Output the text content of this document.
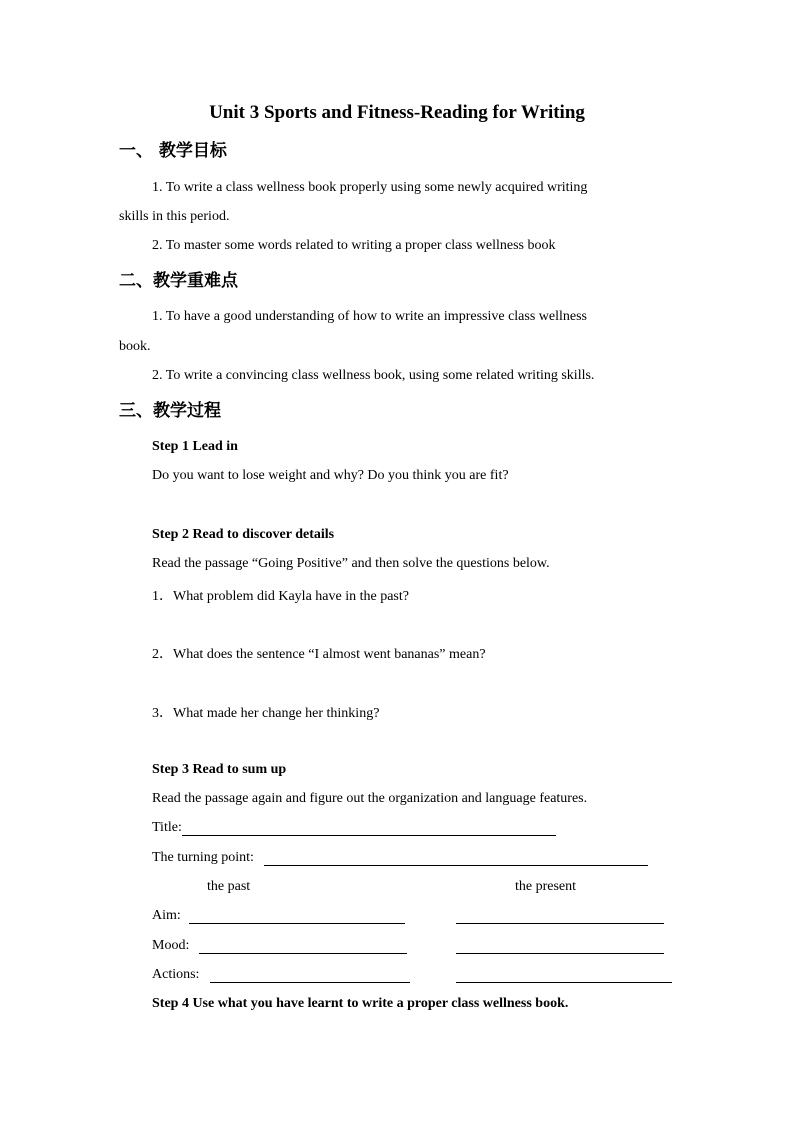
Unit 3 Sports and Fitness-Reading for Writing
一、 教学目标
1. To write a class wellness book properly using some newly acquired writing
skills in this period.
2. To master some words related to writing a proper class wellness book
二、教学重难点
1. To have a good understanding of how to write an impressive class wellness
book.
2. To write a convincing class wellness book, using some related writing skills.
三、教学过程
Step 1 Lead in
Do you want to lose weight and why? Do you think you are fit?
Step 2 Read to discover details
Read the passage “Going Positive” and then solve the questions below.
1．What problem did Kayla have in the past?
2．What does the sentence “I almost went bananas” mean?
3．What made her change her thinking?
Step 3 Read to sum up
Read the passage again and figure out the organization and language features.
Title:
The turning point:
the past	the present
Aim:
Mood:
Actions:
Step 4 Use what you have learnt to write a proper class wellness book.
